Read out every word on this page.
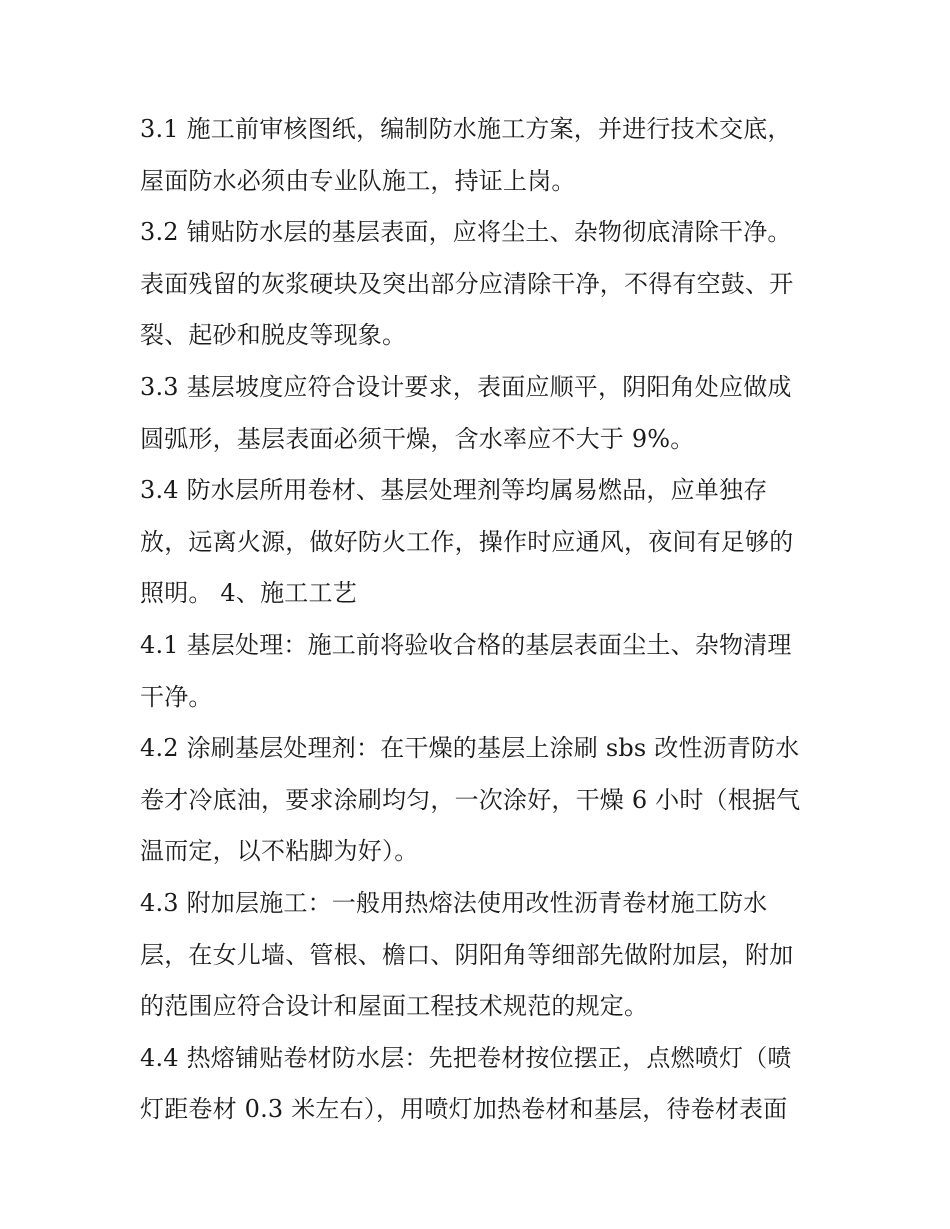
3.1 施工前审核图纸，编制防水施工方案，并进行技术交底，
屋面防水必须由专业队施工，持证上岗。
3.2 铺贴防水层的基层表面，应将尘土、杂物彻底清除干净。
表面残留的灰浆硬块及突出部分应清除干净，不得有空鼓、开
裂、起砂和脱皮等现象。
3.3 基层坡度应符合设计要求，表面应顺平，阴阳角处应做成
圆弧形，基层表面必须干燥，含水率应不大于 9%。
3.4 防水层所用卷材、基层处理剂等均属易燃品，应单独存
放，远离火源，做好防火工作，操作时应通风，夜间有足够的
照明。 4、施工工艺
4.1 基层处理：施工前将验收合格的基层表面尘土、杂物清理
干净。
4.2 涂刷基层处理剂：在干燥的基层上涂刷 sbs 改性沥青防水
卷才冷底油，要求涂刷均匀，一次涂好，干燥 6 小时（根据气
温而定，以不粘脚为好）。
4.3 附加层施工：一般用热熔法使用改性沥青卷材施工防水
层，在女儿墙、管根、檐口、阴阳角等细部先做附加层，附加
的范围应符合设计和屋面工程技术规范的规定。
4.4 热熔铺贴卷材防水层：先把卷材按位摆正，点燃喷灯（喷
灯距卷材 0.3 米左右），用喷灯加热卷材和基层，待卷材表面
